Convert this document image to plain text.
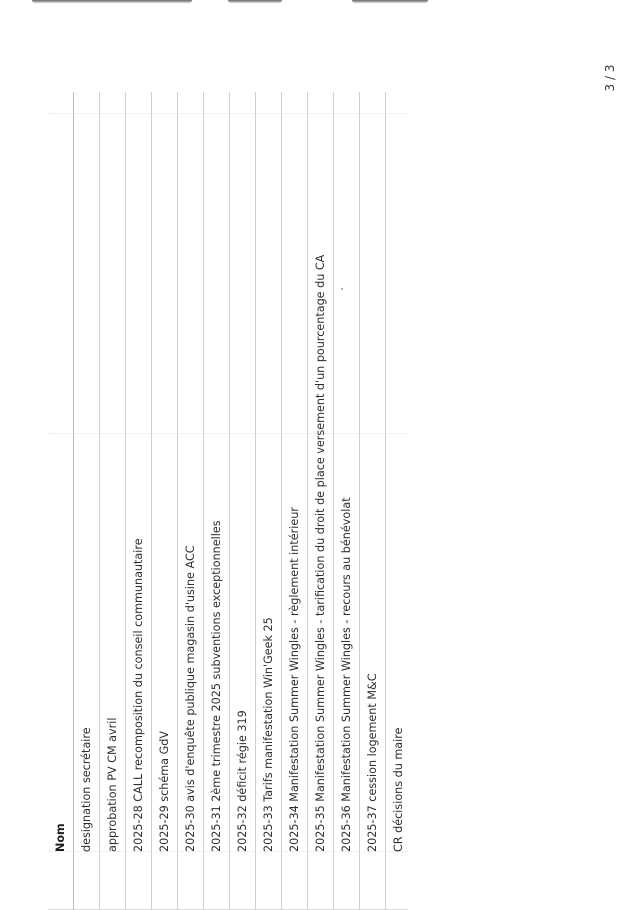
3 / 3
Nom designation secrétaire approbation PV CM avril 2025-28 CALL recomposition du conseil communautaire 2025-29 schéma GdV 2025-30 avis d'enquête publique magasin d'usine ACC 2025-31 2ème trimestre 2025 subventions exceptionnelles 2025-32 déficit régie 319 2025-33 Tarifs manifestation Win'Geek 25 2025-34 Manifestation Summer Wingles - règlement intérieur 2025-35 Manifestation Summer Wingles - tarification du droit de place versement d'un pourcentage du CA 2025-36 Manifestation Summer Wingles - recours au bénévolat 2025-37 cession logement M&C CR décisions du maire
